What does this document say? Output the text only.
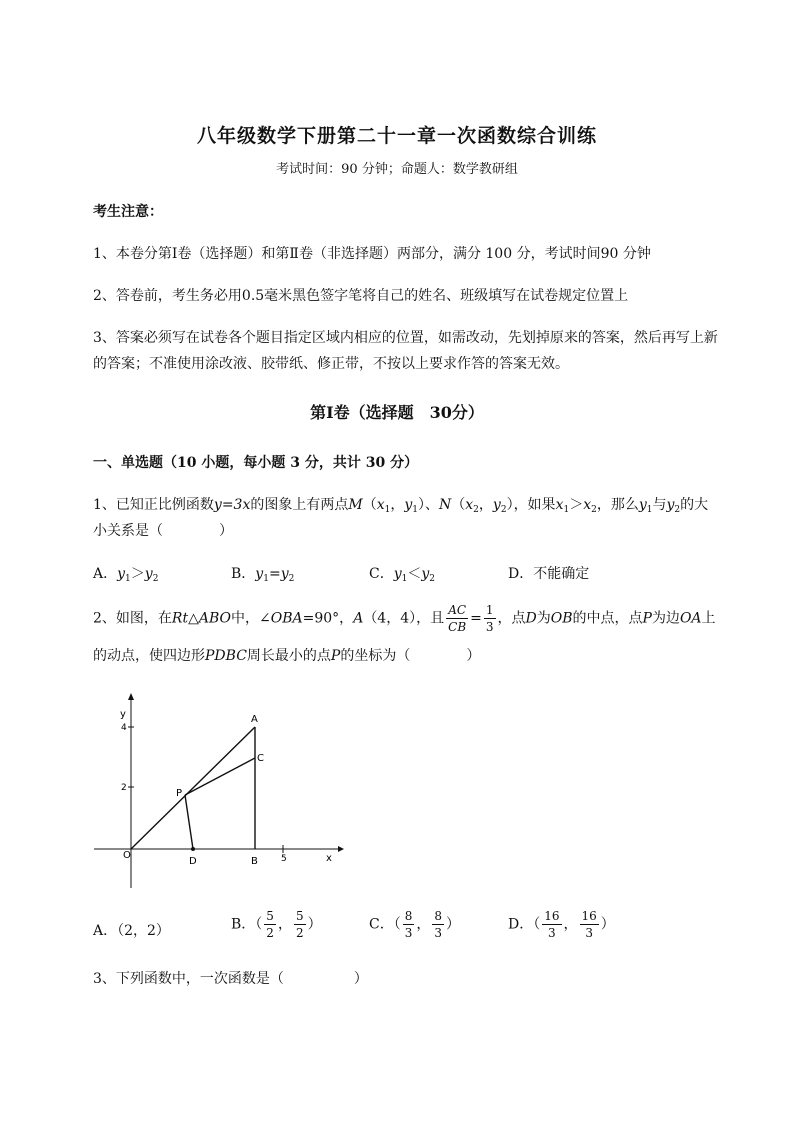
八年级数学下册第二十一章一次函数综合训练
考试时间：90 分钟；命题人：数学教研组
考生注意：
1、本卷分第Ⅰ卷（选择题）和第Ⅱ卷（非选择题）两部分，满分 100 分，考试时间90 分钟
2、答卷前，考生务必用0.5毫米黑色签字笔将自己的姓名、班级填写在试卷规定位置上
3、答案必须写在试卷各个题目指定区域内相应的位置，如需改动，先划掉原来的答案，然后再写上新
的答案；不准使用涂改液、胶带纸、修正带，不按以上要求作答的答案无效。
第Ⅰ卷（选择题　30分）
一、单选题（10 小题，每小题 3 分，共计 30 分）
1、已知正比例函数y=3x的图象上有两点$M(x_1$，$y_1$）、$N(x_2$，$y_2$），如果$x_1>x_2$，那么$y_1$与$y_2$的大
小关系是（　　　　）
A．$y_1>y_2$	B．$y_1=y_2$	C．$y_1<y_2$	D．不能确定
2、如图，在Rt△ABO中，∠OBA=90°，A（4，4），且 $\frac{AC}{CB} = \frac{1}{3}$ ，点D为OB的中点，点P为边OA上
的动点，使四边形PDBC周长最小的点P的坐标为（　　　　）
y
x
4
2
5
O
A
C
P
D	B
A．（2，2）	B．（ $\frac{5}{2}$ ， $\frac{5}{2}$ ）	C．（ $\frac{8}{3}$ ， $\frac{8}{3}$ ）	D．（ $\frac{16}{3}$ ， $\frac{16}{3}$ ）
3、下列函数中，一次函数是（　　　　　）
